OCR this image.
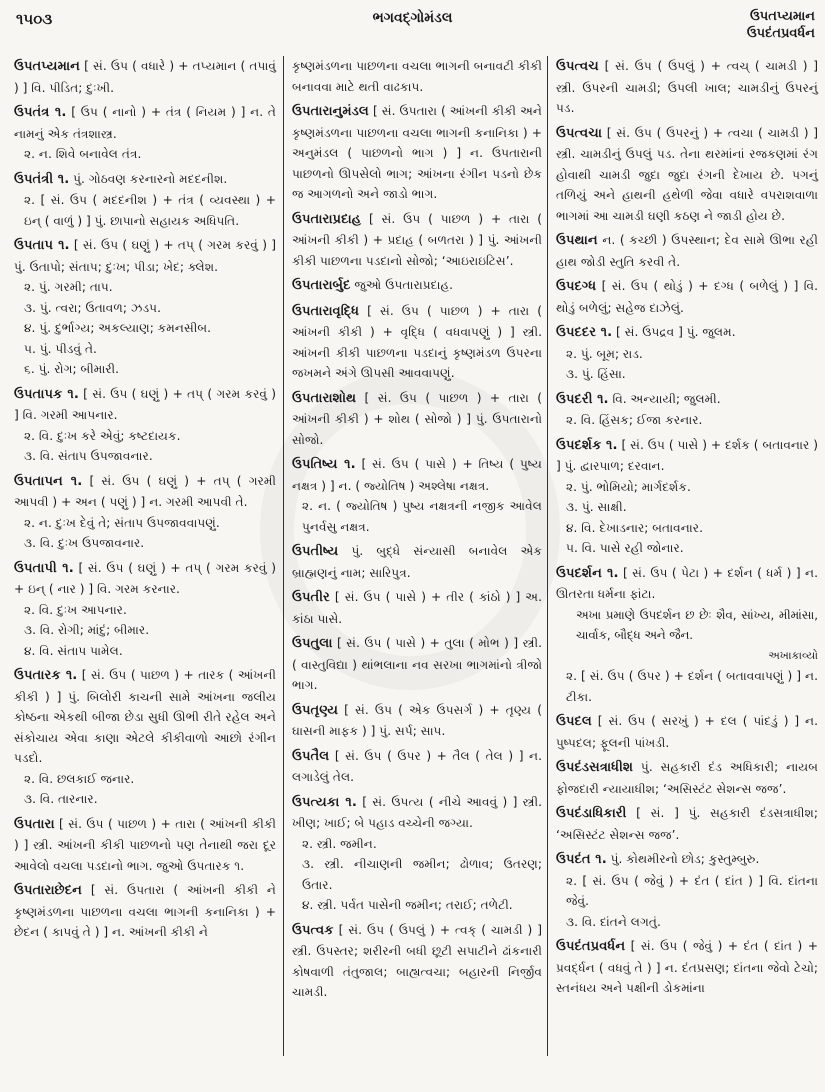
૧૫૦૩	ભગવદ્ગોમંડલ	ઉપતપ્યમાન
ઉપદંતપ્રવર્ધન
ઉપતપ્યમાન [ સં. ઉપ ( વધારે ) + તપ્યમાન ( તપાવું ) ] વિ. પીડિત; દુઃખી.
ઉપતંત્ર ૧. [ ઉપ ( નાનો ) + તંત્ર ( નિયમ ) ] ન. તે નામનું એક તંત્રશાસ્ત્ર.
૨. ન. શિવે બનાવેલ તંત્ર.
ઉપતંત્રી ૧. પું. ગોઠવણ કરનારનો મદદનીશ.
૨. [ સં. ઉપ ( મદદનીશ ) + તંત્ર ( વ્યવસ્થા ) + ઇન્ ( વાળું ) ] પું. છાપાનો સહાયક અધિપતિ.
ઉપતાપ ૧. [ સં. ઉપ ( ઘણું ) + તપ્ ( ગરમ કરવું ) ] પું. ઉતાપો; સંતાપ; દુઃખ; પીડા; ખેદ; ક્લેશ.
૨. પું. ગરમી; તાપ.
૩. પું. ત્વરા; ઉતાવળ; ઝડપ.
૪. પું. દુર્ભાગ્ય; અકલ્યાણ; કમનસીબ.
૫. પું. પીડવું તે.
૬. પું. રોગ; બીમારી.
ઉપતાપક ૧. [ સં. ઉપ ( ઘણું ) + તપ્ ( ગરમ કરવું ) ] વિ. ગરમી આપનાર.
૨. વિ. દુઃખ કરે એવું; કષ્ટદાયક.
૩. વિ. સંતાપ ઉપજાવનાર.
ઉપતાપન ૧. [ સં. ઉપ ( ઘણું ) + તપ્ ( ગરમી આપવી ) + અન ( પણું ) ] ન. ગરમી આપવી તે.
૨. ન. દુઃખ દેવું તે; સંતાપ ઉપજાવવાપણું.
૩. વિ. દુઃખ ઉપજાવનાર.
ઉપતાપી ૧. [ સં. ઉપ ( ઘણું ) + તપ્ ( ગરમ કરવું ) + ઇન્ ( નાર ) ] વિ. ગરમ કરનાર.
૨. વિ. દુઃખ આપનાર.
૩. વિ. રોગી; માંદું; બીમાર.
૪. વિ. સંતાપ પામેલ.
ઉપતારક ૧. [ સં. ઉપ ( પાછળ ) + તારક ( આંખની કીકી ) ] પું. બિલોરી કાચની સામે આંખના જલીય કોષ્ઠના એકથી બીજા છેડા સુધી ઊભી રીતે રહેલ અને સંકોચાય એવા કાણા એટલે કીકીવાળો આછો રંગીન પડદો.
૨. વિ. છલકાઈ જનાર.
૩. વિ. તારનાર.
ઉપતારા [ સં. ઉપ ( પાછળ ) + તારા ( આંખની કીકી ) ] સ્ત્રી. આંખની કીકી પાછળનો પણ તેનાથી જરા દૂર આવેલો વચલા પડદાનો ભાગ. જુઓ ઉપતારક ૧.
ઉપતારાછેદન [ સં. ઉપતારા ( આંખની કીકી ને કૃષ્ણમંડળના પાછળના વચલા ભાગની કનાનિકા ) + છેદન ( કાપવું તે ) ] ન. આંખની કીકી ને
કૃષ્ણમંડળના પાછળના વચલા ભાગની બનાવટી કીકી બનાવવા માટે થતી વાઢકાપ.
ઉપતારાનુમંડલ [ સં. ઉપતારા ( આંખની કીકી અને કૃષ્ણમંડળના પાછળના વચલા ભાગની કનાનિકા ) + અનુમંડલ ( પાછળનો ભાગ ) ] ન. ઉપતારાની પાછળનો ઊપસેલો ભાગ; આંખના રંગીન પડનો છેક જ આગળનો અને જાડો ભાગ.
ઉપતારાપ્રદાહ [ સં. ઉપ ( પાછળ ) + તારા ( આંખની કીકી ) + પ્રદાહ ( બળતરા ) ] પું. આંખની કીકી પાછળના પડદાનો સોજો; ‘આઇરાઇટિસ’.
ઉપતારાર્બુદ જુઓ ઉપતારાપ્રદાહ.
ઉપતારાવૃદ્ધિ [ સં. ઉપ ( પાછળ ) + તારા ( આંખની કીકી ) + વૃદ્ધિ ( વધવાપણું ) ] સ્ત્રી. આંખની કીકી પાછળના પડદાનું કૃષ્ણમંડળ ઉપરના જખમને અંગે ઊપસી આવવાપણું.
ઉપતારાશોથ [ સં. ઉપ ( પાછળ ) + તારા ( આંખની કીકી ) + શોથ ( સોજો ) ] પું. ઉપતારાનો સોજો.
ઉપતિષ્ય ૧. [ સં. ઉપ ( પાસે ) + તિષ્ય ( પુષ્ય નક્ષત્ર ) ] ન. ( જ્યોતિષ ) અશ્લેષા નક્ષત્ર.
૨. ન. ( જ્યોતિષ ) પુષ્ય નક્ષત્રની નજીક આવેલ પુનર્વસુ નક્ષત્ર.
ઉપતીષ્ય પું. બુદ્ધે સંન્યાસી બનાવેલ એક બ્રાહ્મણનું નામ; સારિપુત્ર.
ઉપતીર [ સં. ઉપ ( પાસે ) + તીર ( કાંઠો ) ] અ. કાંઠા પાસે.
ઉપતુલા [ સં. ઉપ ( પાસે ) + તુલા ( મોભ ) ] સ્ત્રી. ( વાસ્તુવિદ્યા ) થાંભલાના નવ સરખા ભાગમાંનો ત્રીજો ભાગ.
ઉપતૃણ્ય [ સં. ઉપ ( એક ઉપસર્ગ ) + તૃણ્ય ( ઘાસની માફક ) ] પું. સર્પ; સાપ.
ઉપતૈલ [ સં. ઉપ ( ઉપર ) + તૈલ ( તેલ ) ] ન. લગાડેલું તેલ.
ઉપત્યકા ૧. [ સં. ઉપત્ય ( નીચે આવવું ) ] સ્ત્રી. ખીણ; ખાઈ; બે પહાડ વચ્ચેની જગ્યા.
૨. સ્ત્રી. જમીન.
૩. સ્ત્રી. નીચાણની જમીન; ઢોળાવ; ઉતરણ; ઉતાર.
૪. સ્ત્રી. પર્વત પાસેની જમીન; તરાઈ; તળેટી.
ઉપત્વક [ સં. ઉપ ( ઉપલું ) + ત્વક્ ( ચામડી ) ] સ્ત્રી. ઉપસ્તર; શરીરની બધી છૂટી સપાટીને ઢાંકનારી કોષવાળી તંતુજાલ; બાહ્યત્વચા; બહારની નિર્જીવ ચામડી.
ઉપત્વચ [ સં. ઉપ ( ઉપલું ) + ત્વચ્ ( ચામડી ) ] સ્ત્રી. ઉપરની ચામડી; ઉપલી ખાલ; ચામડીનું ઉપરનું પડ.
ઉપત્વચા [ સં. ઉપ ( ઉપરનું ) + ત્વચા ( ચામડી ) ] સ્ત્રી. ચામડીનું ઉપલું પડ. તેના થરમાંનાં રજકણમાં રંગ હોવાથી ચામડી જુદા જુદા રંગની દેખાય છે. પગનું તળિયું અને હાથની હથેળી જેવા વધારે વપરાશવાળા ભાગમાં આ ચામડી ઘણી કઠણ ને જાડી હોય છે.
ઉપથાન ન. ( કચ્છી ) ઉપસ્થાન; દેવ સામે ઊભા રહી હાથ જોડી સ્તુતિ કરવી તે.
ઉપદગ્ધ [ સં. ઉપ ( થોડું ) + દગ્ધ ( બળેલું ) ] વિ. થોડું બળેલું; સહેજ દાઝેલું.
ઉપદદર ૧. [ સં. ઉપદ્રવ ] પું. જુલમ.
૨. પું. બૂમ; રાડ.
૩. પું. હિંસા.
ઉપદરી ૧. વિ. અન્યાયી; જુલમી.
૨. વિ. હિંસક; ઈજા કરનાર.
ઉપદર્શક ૧. [ સં. ઉપ ( પાસે ) + દર્શક ( બતાવનાર ) ] પું. દ્વારપાળ; દરવાન.
૨. પું. ભોમિયો; માર્ગદર્શક.
૩. પું. સાક્ષી.
૪. વિ. દેખાડનાર; બતાવનાર.
૫. વિ. પાસે રહી જોનાર.
ઉપદર્શન ૧. [ સં. ઉપ ( પેટા ) + દર્શન ( ધર્મ ) ] ન. ઊતરતા ધર્મના ફાંટા.
અખા પ્રમાણે ઉપદર્શન છ છેઃ શૈવ, સાંખ્ય, મીમાંસા, ચાર્વાક, બૌદ્ધ અને જૈન.
અખાકાવ્યો
૨. [ સં. ઉપ ( ઉપર ) + દર્શન ( બતાવવાપણું ) ] ન. ટીકા.
ઉપદલ [ સં. ઉપ ( સરખું ) + દલ ( પાંદડું ) ] ન. પુષ્પદલ; ફૂલની પાંખડી.
ઉપદંડસત્રાધીશ પું. સહકારી દંડ અધિકારી; નાયબ ફોજદારી ન્યાયાધીશ; ‘અસિસ્ટંટ સેશન્સ જજ’.
ઉપદંડાધિકારી [ સં. ] પું. સહકારી દંડસત્રાધીશ; ‘અસિસ્ટંટ સેશન્સ જજ’.
ઉપદંત ૧. પું. કોથમીરનો છોડ; કુસ્તુમ્બુરુ.
૨. [ સં. ઉપ ( જેવું ) + દંત ( દાંત ) ] વિ. દાંતના જેવું.
૩. વિ. દાંતને લગતું.
ઉપદંતપ્રવર્ધન [ સં. ઉપ ( જેવું ) + દંત ( દાંત ) + પ્રવર્દ્ધન ( વધવું તે ) ] ન. દંતપ્રસણ; દાંતના જેવો ટેચો; સ્તનંધય અને પક્ષીની ડોકમાંના
